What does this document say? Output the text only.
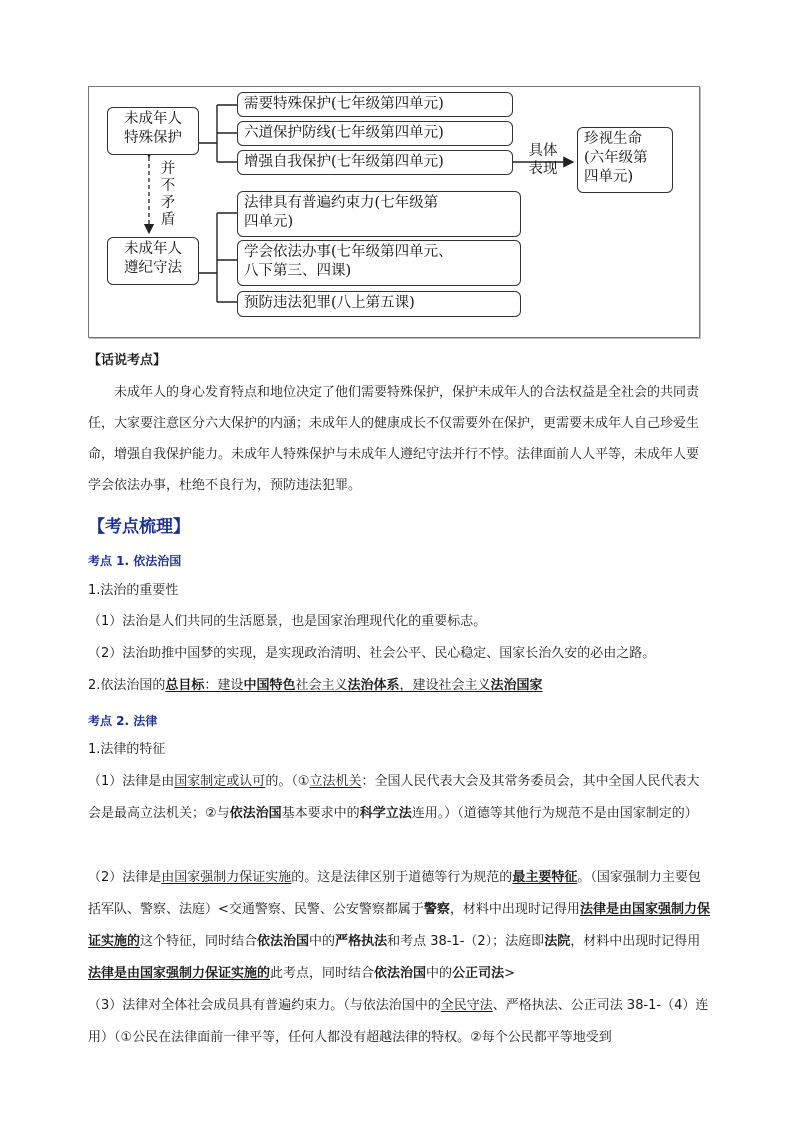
未成年人
特殊保护
未成年人
遵纪守法
并不矛盾
需要特殊保护(七年级第四单元)
六道保护防线(七年级第四单元)
增强自我保护(七年级第四单元)
具体
表现
珍视生命
(六年级第
四单元)
法律具有普遍约束力(七年级第
四单元)
学会依法办事(七年级第四单元、
八下第三、四课)
预防违法犯罪(八上第五课)
【话说考点】
未成年人的身心发育特点和地位决定了他们需要特殊保护，保护未成年人的合法权益是全社会的共同责任，大家要注意区分六大保护的内涵；未成年人的健康成长不仅需要外在保护，更需要未成年人自己珍爱生命，增强自我保护能力。未成年人特殊保护与未成年人遵纪守法并行不悖。法律面前人人平等，未成年人要学会依法办事，杜绝不良行为，预防违法犯罪。
【考点梳理】
考点 1. 依法治国
1.法治的重要性
（1）法治是人们共同的生活愿景，也是国家治理现代化的重要标志。
（2）法治助推中国梦的实现，是实现政治清明、社会公平、民心稳定、国家长治久安的必由之路。
2.依法治国的总目标：建设中国特色社会主义法治体系，建设社会主义法治国家
考点 2. 法律
1.法律的特征
（1）法律是由国家制定或认可的。（①立法机关：全国人民代表大会及其常务委员会，其中全国人民代表大会是最高立法机关；②与依法治国基本要求中的科学立法连用。）（道德等其他行为规范不是由国家制定的）
（2）法律是由国家强制力保证实施的。这是法律区别于道德等行为规范的最主要特征。（国家强制力主要包括军队、警察、法庭）<交通警察、民警、公安警察都属于警察，材料中出现时记得用法律是由国家强制力保证实施的这个特征，同时结合依法治国中的严格执法和考点 38-1-（2）；法庭即法院，材料中出现时记得用法律是由国家强制力保证实施的此考点，同时结合依法治国中的公正司法>
（3）法律对全体社会成员具有普遍约束力。（与依法治国中的全民守法、严格执法、公正司法 38-1-（4）连用）（①公民在法律面前一律平等，任何人都没有超越法律的特权。②每个公民都平等地受到
